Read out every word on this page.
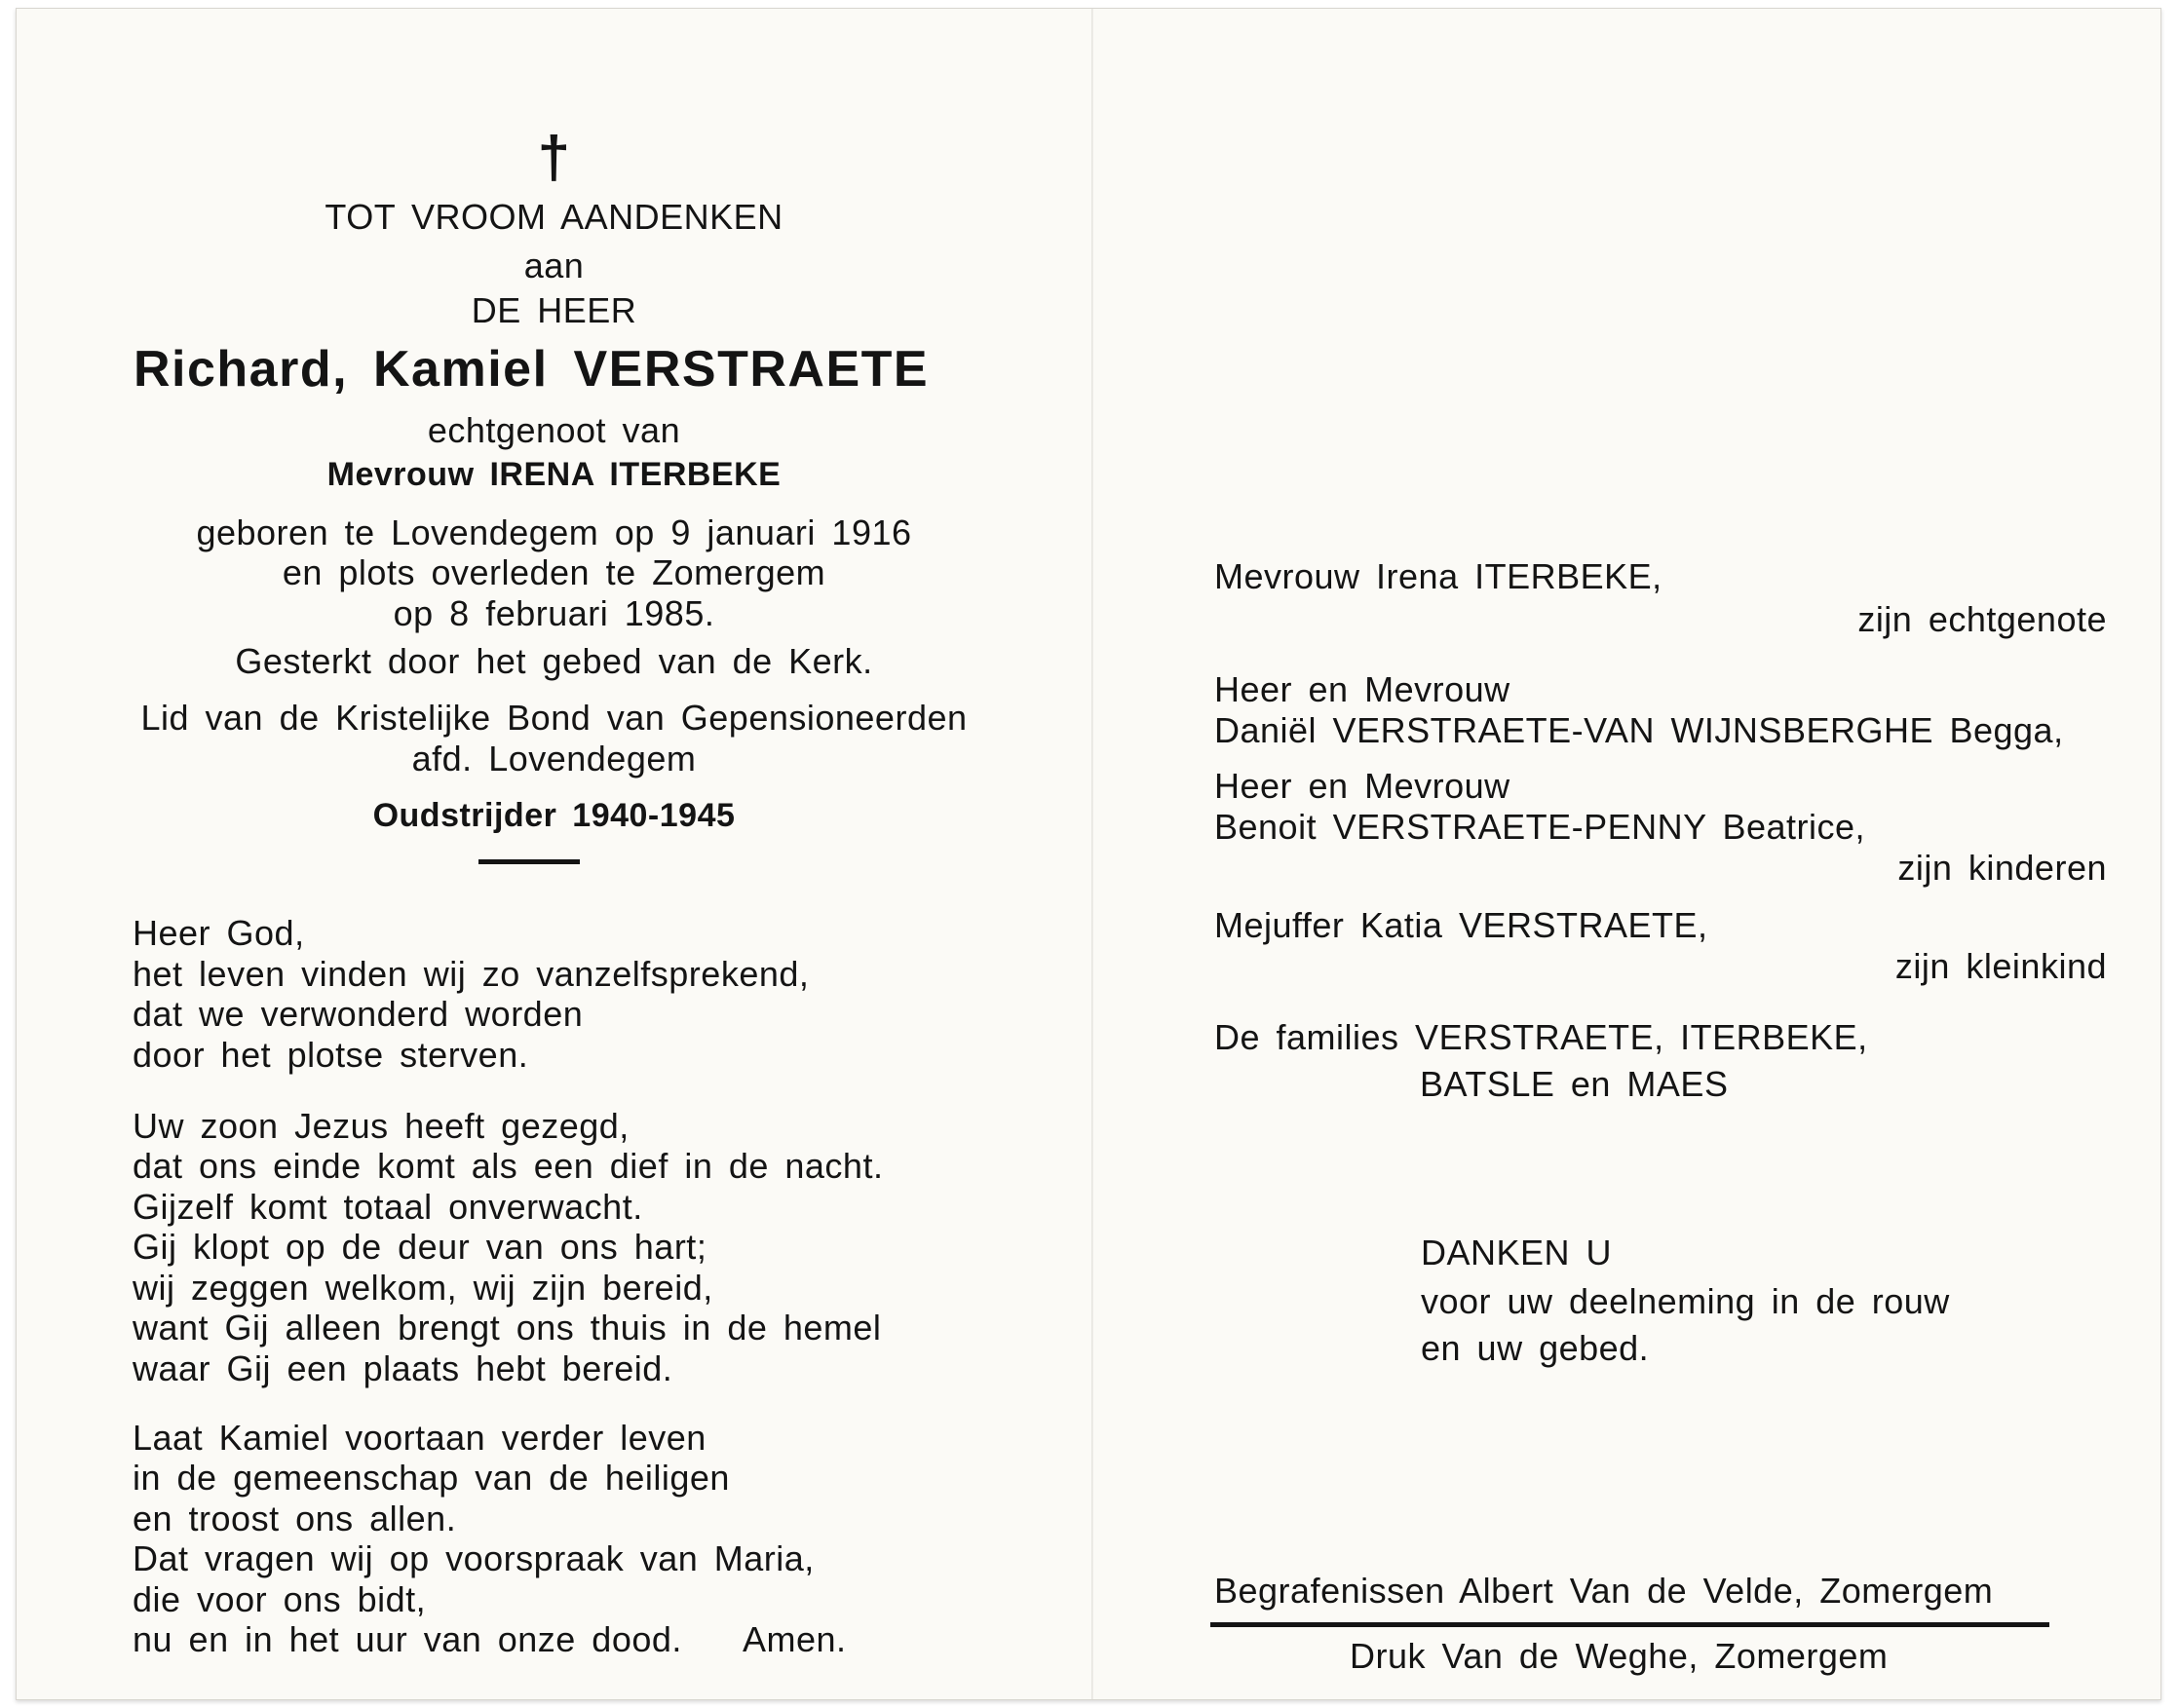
†
TOT VROOM AANDENKEN
aan
DE HEER
Richard, Kamiel VERSTRAETE
echtgenoot van
Mevrouw IRENA ITERBEKE
geboren te Lovendegem op 9 januari 1916
en plots overleden te Zomergem
op 8 februari 1985.
Gesterkt door het gebed van de Kerk.
Lid van de Kristelijke Bond van Gepensioneerden
afd. Lovendegem
Oudstrijder 1940-1945
Heer God,
het leven vinden wij zo vanzelfsprekend,
dat we verwonderd worden
door het plotse sterven.
Uw zoon Jezus heeft gezegd,
dat ons einde komt als een dief in de nacht.
Gijzelf komt totaal onverwacht.
Gij klopt op de deur van ons hart;
wij zeggen welkom, wij zijn bereid,
want Gij alleen brengt ons thuis in de hemel
waar Gij een plaats hebt bereid.
Laat Kamiel voortaan verder leven
in de gemeenschap van de heiligen
en troost ons allen.
Dat vragen wij op voorspraak van Maria,
die voor ons bidt,
nu en in het uur van onze dood. Amen.
Mevrouw Irena ITERBEKE,
zijn echtgenote
Heer en Mevrouw
Daniël VERSTRAETE-VAN WIJNSBERGHE Begga,
Heer en Mevrouw
Benoit VERSTRAETE-PENNY Beatrice,
zijn kinderen
Mejuffer Katia VERSTRAETE,
zijn kleinkind
De families VERSTRAETE, ITERBEKE,
BATSLE en MAES
DANKEN U
voor uw deelneming in de rouw
en uw gebed.
Begrafenissen Albert Van de Velde, Zomergem
Druk Van de Weghe, Zomergem
